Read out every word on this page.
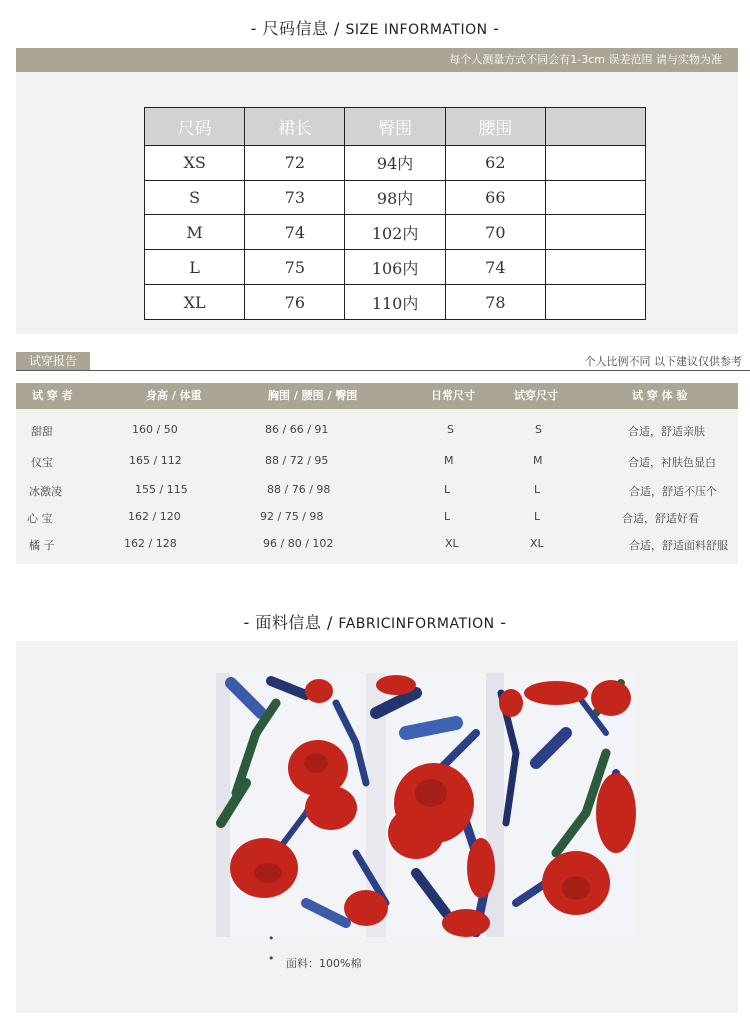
- 尺码信息 / SIZE INFORMATION -
每个人测量方式不同会有1-3cm 误差范围 请与实物为准
尺码	裙长	臀围	腰围	
XS	72	94内	62	
S	73	98内	66	
M	74	102内	70	
L	75	106内	74	
XL	76	110内	78	
试穿报告	个人比例不同 以下建议仅供参考
试 穿 者	身高 / 体重	胸围 / 腰围 / 臀围	日常尺寸	试穿尺寸	试 穿 体 验
甜甜	160 / 50	86 / 66 / 91	S	S	合适，舒适亲肤
仪宝	165 / 112	88 / 72 / 95	M	M	合适，衬肤色显白
冰激凌	155 / 115	88 / 76 / 98	L	L	合适，舒适不压个
心 宝	162 / 120	92 / 75 / 98	L	L	合适，舒适好看
橘 子	162 / 128	96 / 80 / 102	XL	XL	合适，舒适面料舒服
- 面料信息 / FABRICINFORMATION -
•
• 面料：100%棉
